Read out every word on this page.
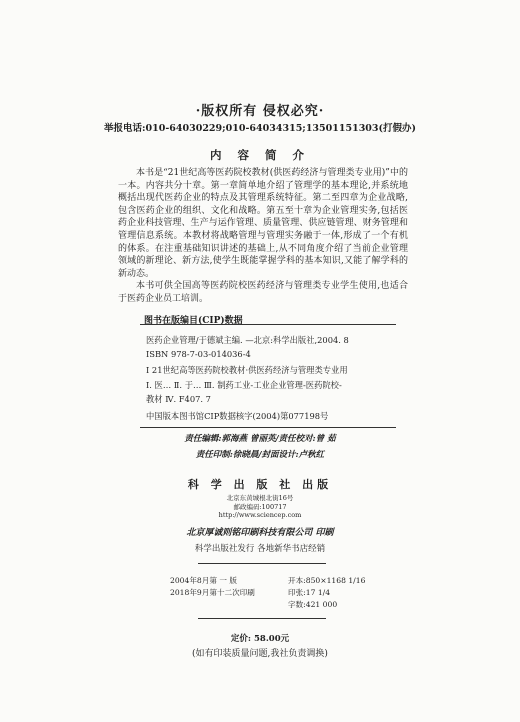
·版权所有 侵权必究·
举报电话:010-64030229;010-64034315;13501151303(打假办)
内 容 简 介

本书是“21世纪高等医药院校教材(供医药经济与管理类专业用)”中的一本。内容共分十章。第一章简单地介绍了管理学的基本理论,并系统地概括出现代医药企业的特点及其管理系统特征。第二至四章为企业战略,包含医药企业的组织、文化和战略。第五至十章为企业管理实务,包括医药企业科技管理、生产与运作管理、质量管理、供应链管理、财务管理和管理信息系统。本教材将战略管理与管理实务融于一体,形成了一个有机的体系。在注重基础知识讲述的基础上,从不同角度介绍了当前企业管理领域的新理论、新方法,使学生既能掌握学科的基本知识,又能了解学科的新动态。

本书可供全国高等医药院校医药经济与管理类专业学生使用,也适合于医药企业员工培训。

图书在版编目(CIP)数据
医药企业管理/于德斌主编. —北京:科学出版社,2004. 8
ISBN 978-7-03-014036-4
Ⅰ 21世纪高等医药院校教材·供医药经济与管理类专业用
Ⅰ. 医… Ⅱ. 于… Ⅲ. 制药工业-工业企业管理-医药院校-
教材 Ⅳ. F407. 7
中国版本图书馆CIP数据核字(2004)第077198号
责任编辑:郭海燕 曾丽英/责任校对:曾 茹
责任印制:徐晓晨/封面设计:卢秋红
科 学 出 版 社 出版
北京东黄城根北街16号
邮政编码:100717
http://www.sciencep.com
北京厚诚则铭印刷科技有限公司 印刷
科学出版社发行 各地新华书店经销
2004年8月第 一 版	开本:850×1168 1/16
2018年9月第十二次印刷	印张:17 1/4
字数:421 000
定价: 58.00元
(如有印装质量问题,我社负责调换)
